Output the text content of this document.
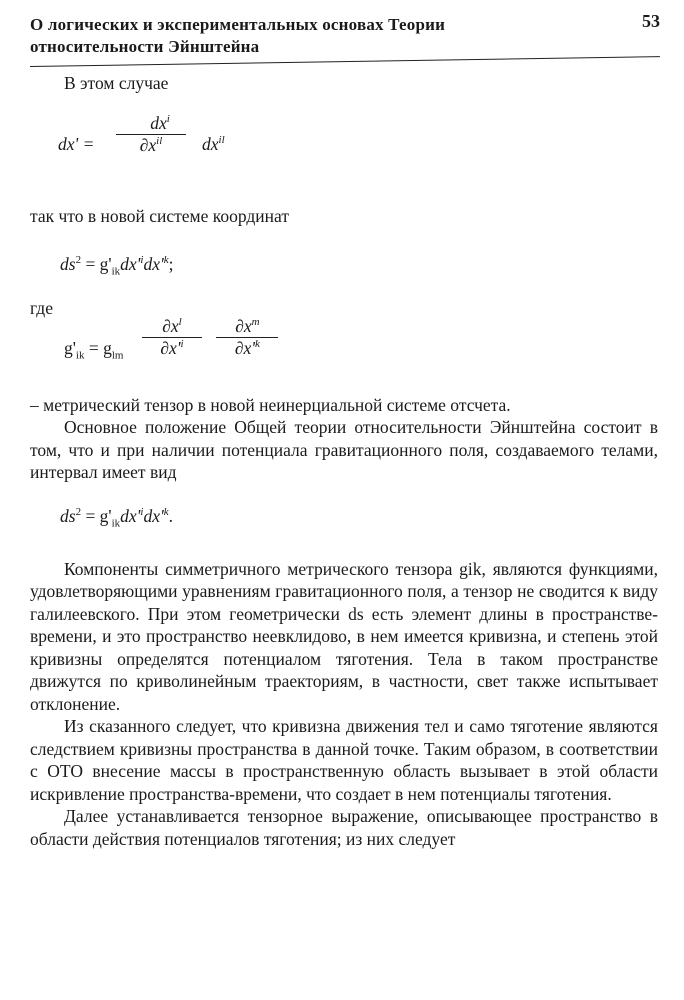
О логических и экспериментальных основах Теории относительности Эйнштейна
53

В этом случае

$dx' = \frac{dx^i}{\partial x^{il}} dx^{il}$

так что в новой системе координат

$ds^2 = g'_{ik}dx'^idx'^k$;

где

$g'_{ik} = g_{lm} \frac{\partial x^l}{\partial x'^i}$
$\frac{\partial x^m}{\partial x'^k}$

– метрический тензор в новой неинерциальной системе отсчета.

Основное положение Общей теории относительности Эйнштейна состоит в том, что и при наличии потенциала гравитационного поля, создаваемого телами, интервал имеет вид

$ds^2 = g'_{ik}dx'^idx'^k$.

Компоненты симметричного метрического тензора gik, являются функциями, удовлетворяющими уравнениям гравитационного поля, а тензор не сводится к виду галилеевского. При этом геометрически ds есть элемент длины в пространстве-времени, и это пространство неевклидово, в нем имеется кривизна, и степень этой кривизны определятся потенциалом тяготения. Тела в таком пространстве движутся по криволинейным траекториям, в частности, свет также испытывает отклонение.

Из сказанного следует, что кривизна движения тел и само тяготение являются следствием кривизны пространства в данной точке. Таким образом, в соответствии с ОТО внесение массы в пространственную область вызывает в этой области искривление пространства-времени, что создает в нем потенциалы тяготения.

Далее устанавливается тензорное выражение, описывающее пространство в области действия потенциалов тяготения; из них следует
